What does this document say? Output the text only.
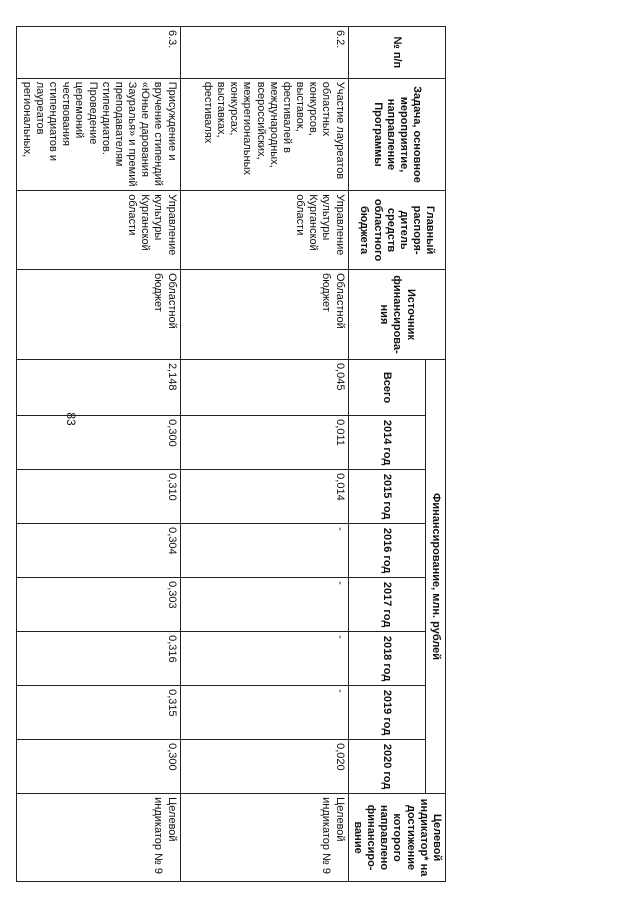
83
№ п/п	Задача, основное мероприятие, направление Программы	Главный распоря-дитель средств областного бюджета	Источник финансирова-ния	Финансирование, млн. рублей								Целевой индикатор* на достижение которого направлено финансиро-вание
				Всего	2014 год	2015 год	2016 год	2017 год	2018 год	2019 год	2020 год	
6.2.	Участие лауреатов областных конкурсов, выставок, фестивалей в международных, всероссийских, межрегиональных конкурсах, выставках, фестивалях	Управление культуры Курганской области	Областной бюджет	0,045	0,011	0,014	-	-	-	-	0,020	Целевой индикатор № 9
6.3.	Присуждение и вручение стипендий «Юные дарования Зауралья» и премий преподавателям стипендиатов. Проведение церемоний чествования стипендиатов и лауреатов региональных,	Управление культуры Курганской области	Областной бюджет	2,148	0,300	0,310	0,304	0,303	0,316	0,315	0,300	Целевой индикатор № 9
